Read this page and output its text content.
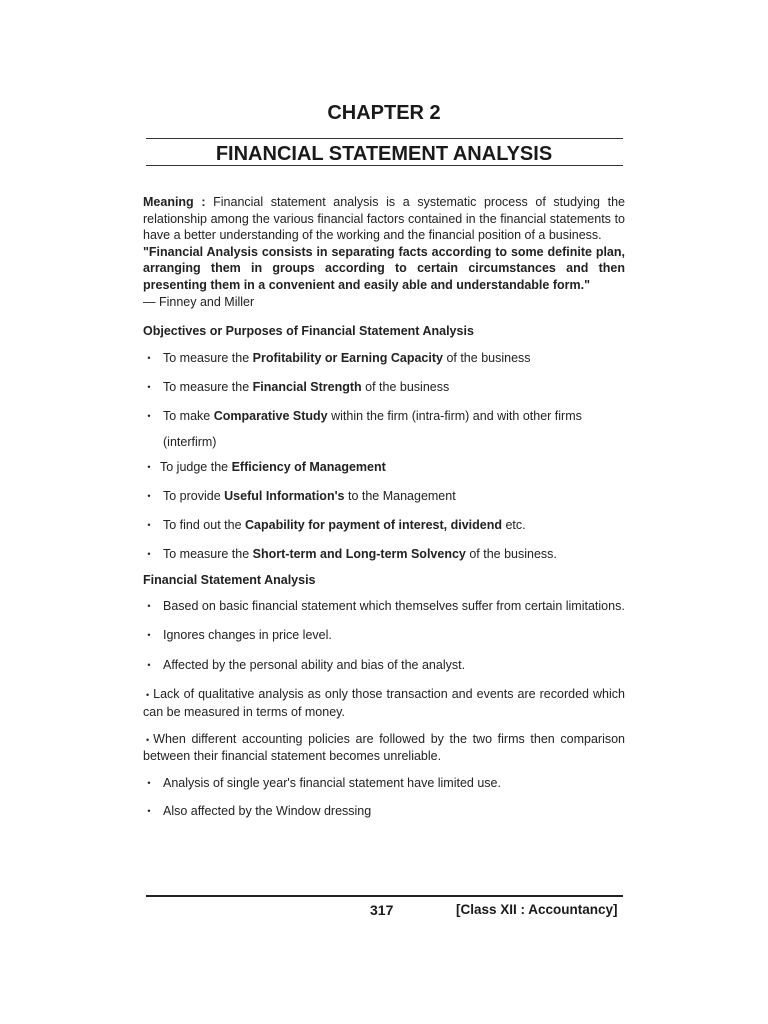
CHAPTER 2
FINANCIAL STATEMENT ANALYSIS

Meaning : Financial statement analysis is a systematic process of studying the relationship among the various financial factors contained in the financial statements to have a better understanding of the working and the financial position of a business.

"Financial Analysis consists in separating facts according to some definite plan, arranging them in groups according to certain circumstances and then presenting them in a convenient and easily able and understandable form."

— Finney and Miller

Objectives or Purposes of Financial Statement Analysis

• To measure the Profitability or Earning Capacity of the business
• To measure the Financial Strength of the business
• To make Comparative Study within the firm (intra-firm) and with other firms
(interfirm)
• To judge the Efficiency of Management
• To provide Useful Information's to the Management
• To find out the Capability for payment of interest, dividend etc.
• To measure the Short-term and Long-term Solvency of the business.

Financial Statement Analysis

• Based on basic financial statement which themselves suffer from certain limitations.
• Ignores changes in price level.
• Affected by the personal ability and bias of the analyst.
• Lack of qualitative analysis as only those transaction and events are recorded which can be measured in terms of money.
• When different accounting policies are followed by the two firms then comparison between their financial statement becomes unreliable.
• Analysis of single year's financial statement have limited use.
• Also affected by the Window dressing
317	[Class XII : Accountancy]
